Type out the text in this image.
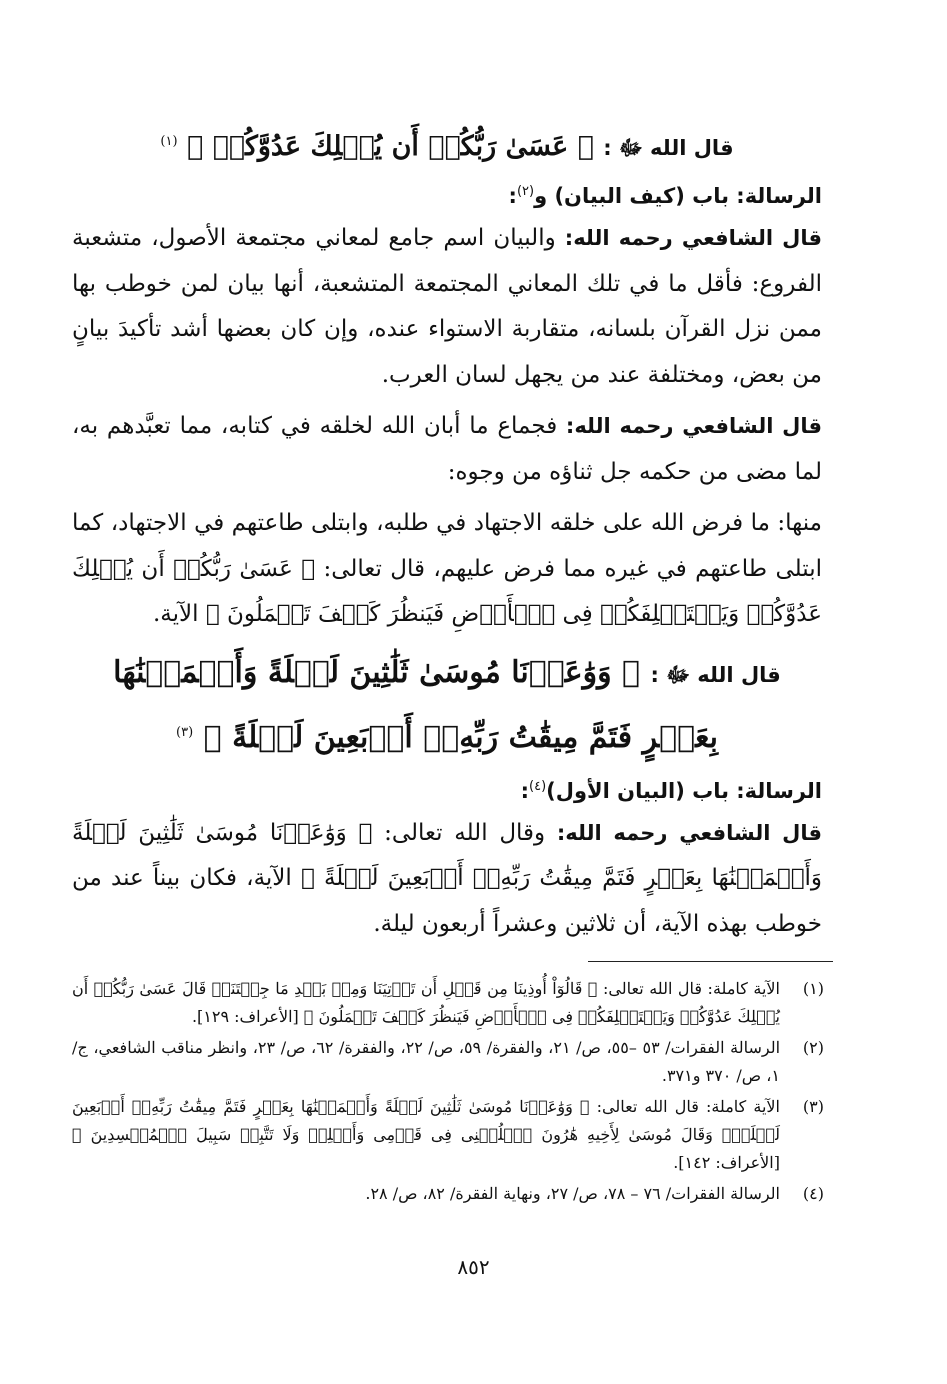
قال الله ﷻ : ﴿ عَسَىٰ رَبُّكُمۡ أَن يُهۡلِكَ عَدُوَّكُمۡ ﴾ $^{(١)}$
الرسالة: باب (كيف البيان) و$^{(٢)}$:

قال الشافعي رحمه الله: والبيان اسم جامع لمعاني مجتمعة الأصول، متشعبة الفروع: فأقل ما في تلك المعاني المجتمعة المتشعبة، أنها بيان لمن خوطب بها ممن نزل القرآن بلسانه، متقاربة الاستواء عنده، وإن كان بعضها أشد تأكيدَ بيانٍ من بعض، ومختلفة عند من يجهل لسان العرب.

قال الشافعي رحمه الله: فجماع ما أبان الله لخلقه في كتابه، مما تعبَّدهم به، لما مضى من حكمه جل ثناؤه من وجوه:

منها: ما فرض الله على خلقه الاجتهاد في طلبه، وابتلى طاعتهم في الاجتهاد، كما ابتلى طاعتهم في غيره مما فرض عليهم، قال تعالى: ﴿ عَسَىٰ رَبُّكُمۡ أَن يُهۡلِكَ عَدُوَّكُمۡ وَيَسۡتَخۡلِفَكُمۡ فِى ٱلۡأَرۡضِ فَيَنظُرَ كَيۡفَ تَعۡمَلُونَ ﴾ الآية.

قال الله ﷻ : ﴿ وَوَٰعَدۡنَا مُوسَىٰ ثَلَٰثِينَ لَيۡلَةً وَأَتۡمَمۡنَٰهَا بِعَشۡرٍ فَتَمَّ مِيقَٰتُ رَبِّهِۦٓ أَرۡبَعِينَ لَيۡلَةً ﴾ $^{(٣)}$
الرسالة: باب (البيان الأول)$^{(٤)}$:

قال الشافعي رحمه الله: وقال الله تعالى: ﴿ وَوَٰعَدۡنَا مُوسَىٰ ثَلَٰثِينَ لَيۡلَةً وَأَتۡمَمۡنَٰهَا بِعَشۡرٍ فَتَمَّ مِيقَٰتُ رَبِّهِۦٓ أَرۡبَعِينَ لَيۡلَةً ﴾ الآية، فكان بيناً عند من خوطب بهذه الآية، أن ثلاثين وعشراً أربعون ليلة.

(١)
الآية كاملة: قال الله تعالى: ﴿ قَالُوٓاْ أُوذِينَا مِن قَبۡلِ أَن تَأۡتِيَنَا وَمِنۢ بَعۡدِ مَا جِئۡتَنَاۚ قَالَ عَسَىٰ رَبُّكُمۡ أَن يُهۡلِكَ عَدُوَّكُمۡ وَيَسۡتَخۡلِفَكُمۡ فِى ٱلۡأَرۡضِ فَيَنظُرَ كَيۡفَ تَعۡمَلُونَ ﴾ [الأعراف: ١٢٩].
(٢)
الرسالة الفقرات/ ٥٣ –٥٥، ص/ ٢١، والفقرة/ ٥٩، ص/ ٢٢، والفقرة/ ٦٢، ص/ ٢٣، وانظر مناقب الشافعي، ج/ ١، ص/ ٣٧٠ و٣٧١.
(٣)
الآية كاملة: قال الله تعالى: ﴿ وَوَٰعَدۡنَا مُوسَىٰ ثَلَٰثِينَ لَيۡلَةً وَأَتۡمَمۡنَٰهَا بِعَشۡرٍ فَتَمَّ مِيقَٰتُ رَبِّهِۦٓ أَرۡبَعِينَ لَيۡلَةًۚ وَقَالَ مُوسَىٰ لِأَخِيهِ هَٰرُونَ ٱخۡلُفۡنِى فِى قَوۡمِى وَأَصۡلِحۡ وَلَا تَتَّبِعۡ سَبِيلَ ٱلۡمُفۡسِدِينَ ﴾ [الأعراف: ١٤٢].
(٤)
الرسالة الفقرات/ ٧٦ – ٧٨، ص/ ٢٧، ونهاية الفقرة/ ٨٢، ص/ ٢٨.
٨٥٢
